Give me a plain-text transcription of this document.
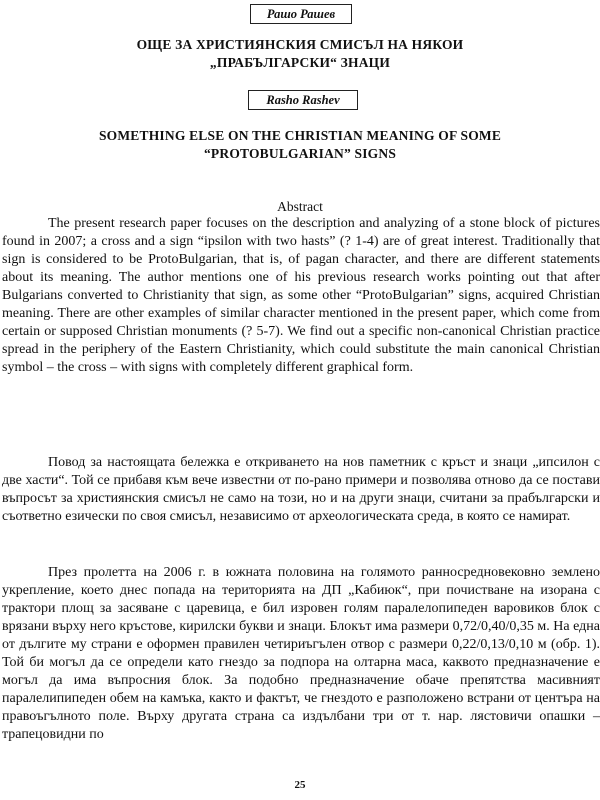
Рашо Рашев
ОЩЕ ЗА ХРИСТИЯНСКИЯ СМИСЪЛ НА НЯКОИ
„ПРАБЪЛГАРСКИ“ ЗНАЦИ
Rasho Rashev
SOMETHING ELSE ON THE CHRISTIAN MEANING OF SOME
“PROTOBULGARIAN” SIGNS
Abstract

The present research paper focuses on the description and analyzing of a stone block of pictures found in 2007; a cross and a sign “ipsilon with two hasts” (? 1-4) are of great interest. Traditionally that sign is considered to be ProtoBulgarian, that is, of pagan character, and there are different statements about its meaning. The author mentions one of his previous research works pointing out that after Bulgarians converted to Christianity that sign, as some other “ProtoBulgarian” signs, acquired Christian meaning. There are other examples of similar character mentioned in the present paper, which come from certain or supposed Christian monuments (? 5-7). We find out a specific non-canonical Christian practice spread in the periphery of the Eastern Christianity, which could substitute the main canonical Christian symbol – the cross – with signs with completely different graphical form.

Повод за настоящата бележка е откриването на нов паметник с кръст и знаци „ипсилон с две хасти“. Той се прибавя към вече известни от по-рано примери и позволява отново да се постави въпросът за християнския смисъл не само на този, но и на други знаци, считани за прабългарски и съответно езически по своя смисъл, независимо от археологическата среда, в която се намират.

През пролетта на 2006 г. в южната половина на голямото ранносредновековно землено укрепление, което днес попада на територията на ДП „Кабиюк“, при почистване на изорана с трактори площ за засяване с царевица, е бил изровен голям паралелопипеден варовиков блок с врязани върху него кръстове, кирилски букви и знаци. Блокът има размери 0,72/0,40/0,35 м. На една от дългите му страни е оформен правилен четириъгълен отвор с размери 0,22/0,13/0,10 м (обр. 1). Той би могъл да се определи като гнездо за подпора на олтарна маса, каквото предназначение е могъл да има въпросния блок. За подобно предназначение обаче препятства масивният паралелипипеден обем на камъка, както и фактът, че гнездото е разположено встрани от центъра на правоъгълното поле. Върху другата страна са издълбани три от т. нар. лястовичи опашки – трапецовидни по

25
